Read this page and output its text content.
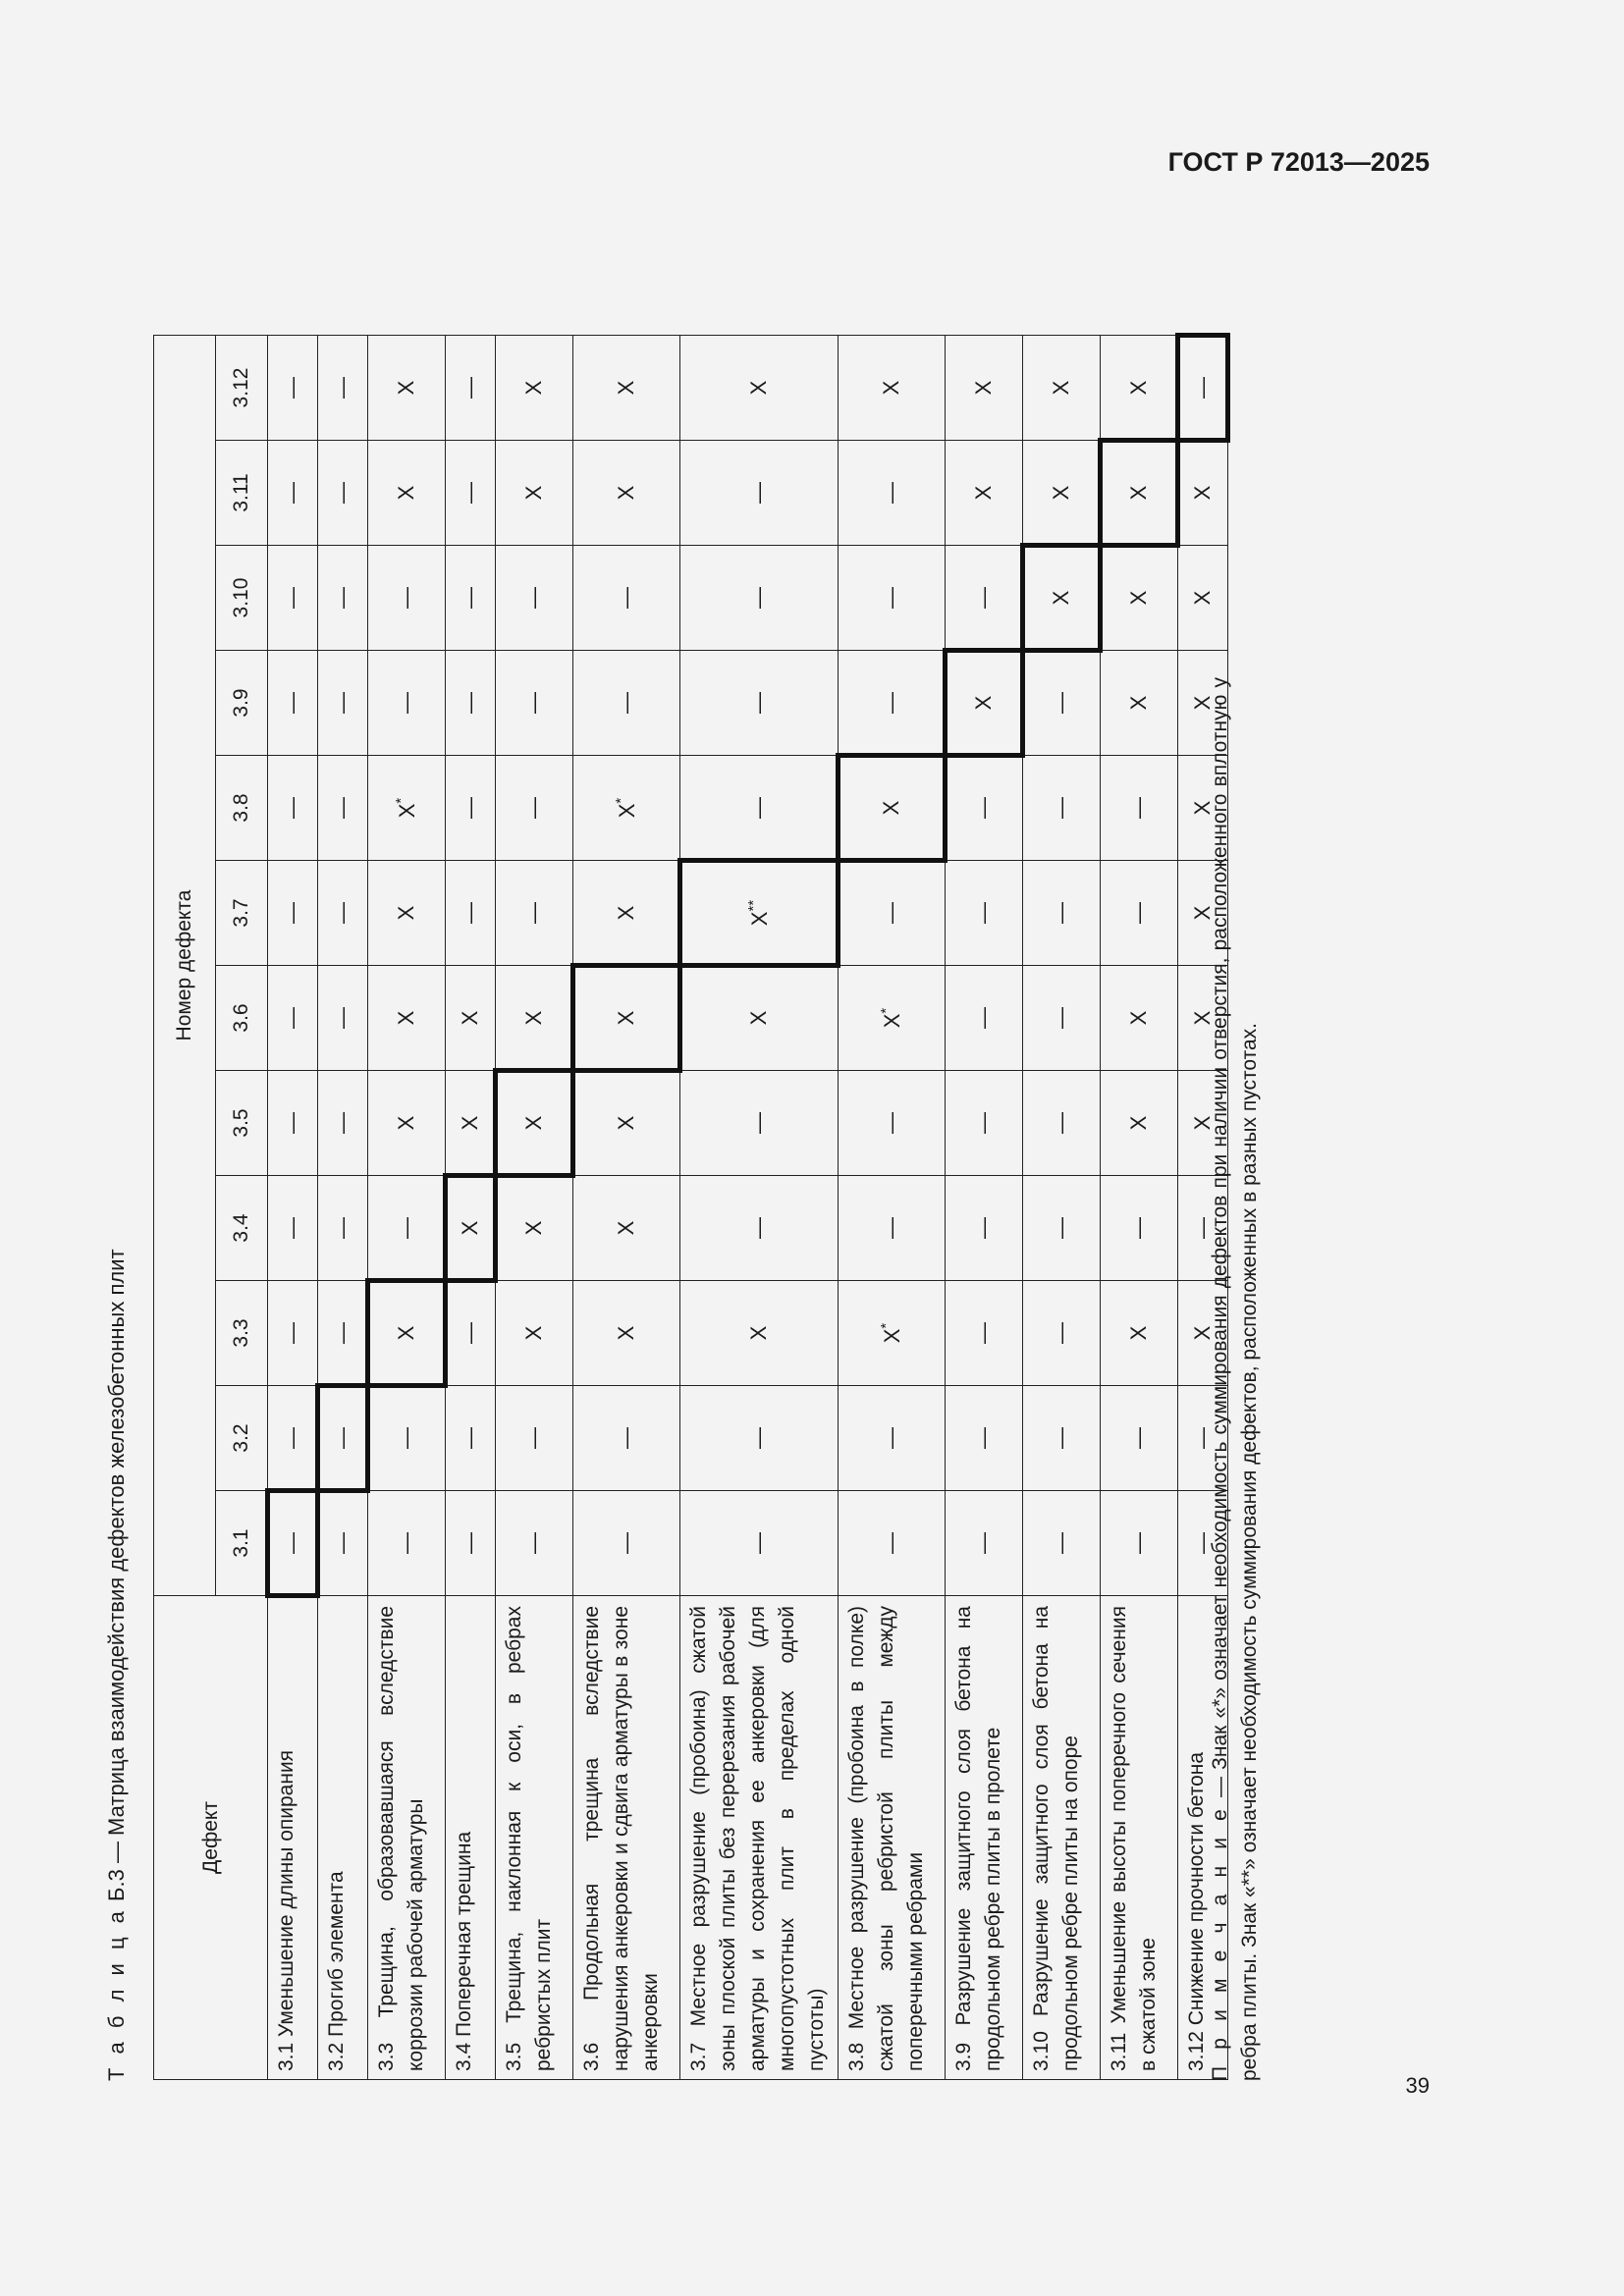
ГОСТ Р 72013—2025

Т а б л и ц а Б.3 — Матрица взаимодействия дефектов железобетонных плит	Дефект	Номер дефекта											
	3.1	3.2	3.3	3.4	3.5	3.6	3.7	3.8	3.9	3.10	3.11	3.12
3.1 Уменьшение длины опирания	—	—	—	—	—	—	—	—	—	—	—	—
3.2 Прогиб элемента	—	—	—	—	—	—	—	—	—	—	—	—
3.3 Трещина, образовавшаяся вследствие коррозии рабочей арматуры	—	—	Х	—	Х	Х	Х	Х*	—	—	Х	Х
3.4 Поперечная трещина	—	—	—	Х	Х	Х	—	—	—	—	—	—
3.5 Трещина, наклонная к оси, в ребрах ребристых плит	—	—	Х	Х	Х	Х	—	—	—	—	Х	Х
3.6 Продольная трещина вследствие нарушения анкеровки и сдвига арматуры в зоне анкеровки	—	—	Х	Х	Х	Х	Х	Х*	—	—	Х	Х
3.7 Местное разрушение (пробоина) сжатой зоны плоской плиты без перерезания рабочей арматуры и сохранения ее анкеровки (для многопустотных плит в пределах одной пустоты)	—	—	Х	—	—	Х	Х**	—	—	—	—	Х
3.8 Местное разрушение (пробоина в полке) сжатой зоны ребристой плиты между поперечными ребрами	—	—	Х*	—	—	Х*	—	Х	—	—	—	Х
3.9 Разрушение защитного слоя бетона на продольном ребре плиты в пролете	—	—	—	—	—	—	—	—	Х	—	Х	Х
3.10 Разрушение защитного слоя бетона на продольном ребре плиты на опоре	—	—	—	—	—	—	—	—	—	Х	Х	Х
3.11 Уменьшение высоты поперечного сечения в сжатой зоне	—	—	Х	—	Х	Х	—	—	Х	Х	Х	Х
3.12 Снижение прочности бетона	—	—	Х	—	Х	Х	Х	Х	Х	Х	Х	—

П р и м е ч а н и е — Знак «*» означает необходимость суммирования дефектов при наличии отверстия, расположенного вплотную у ребра плиты. Знак «**» означает необходимость суммирования дефектов, расположенных в разных пустотах.

39
